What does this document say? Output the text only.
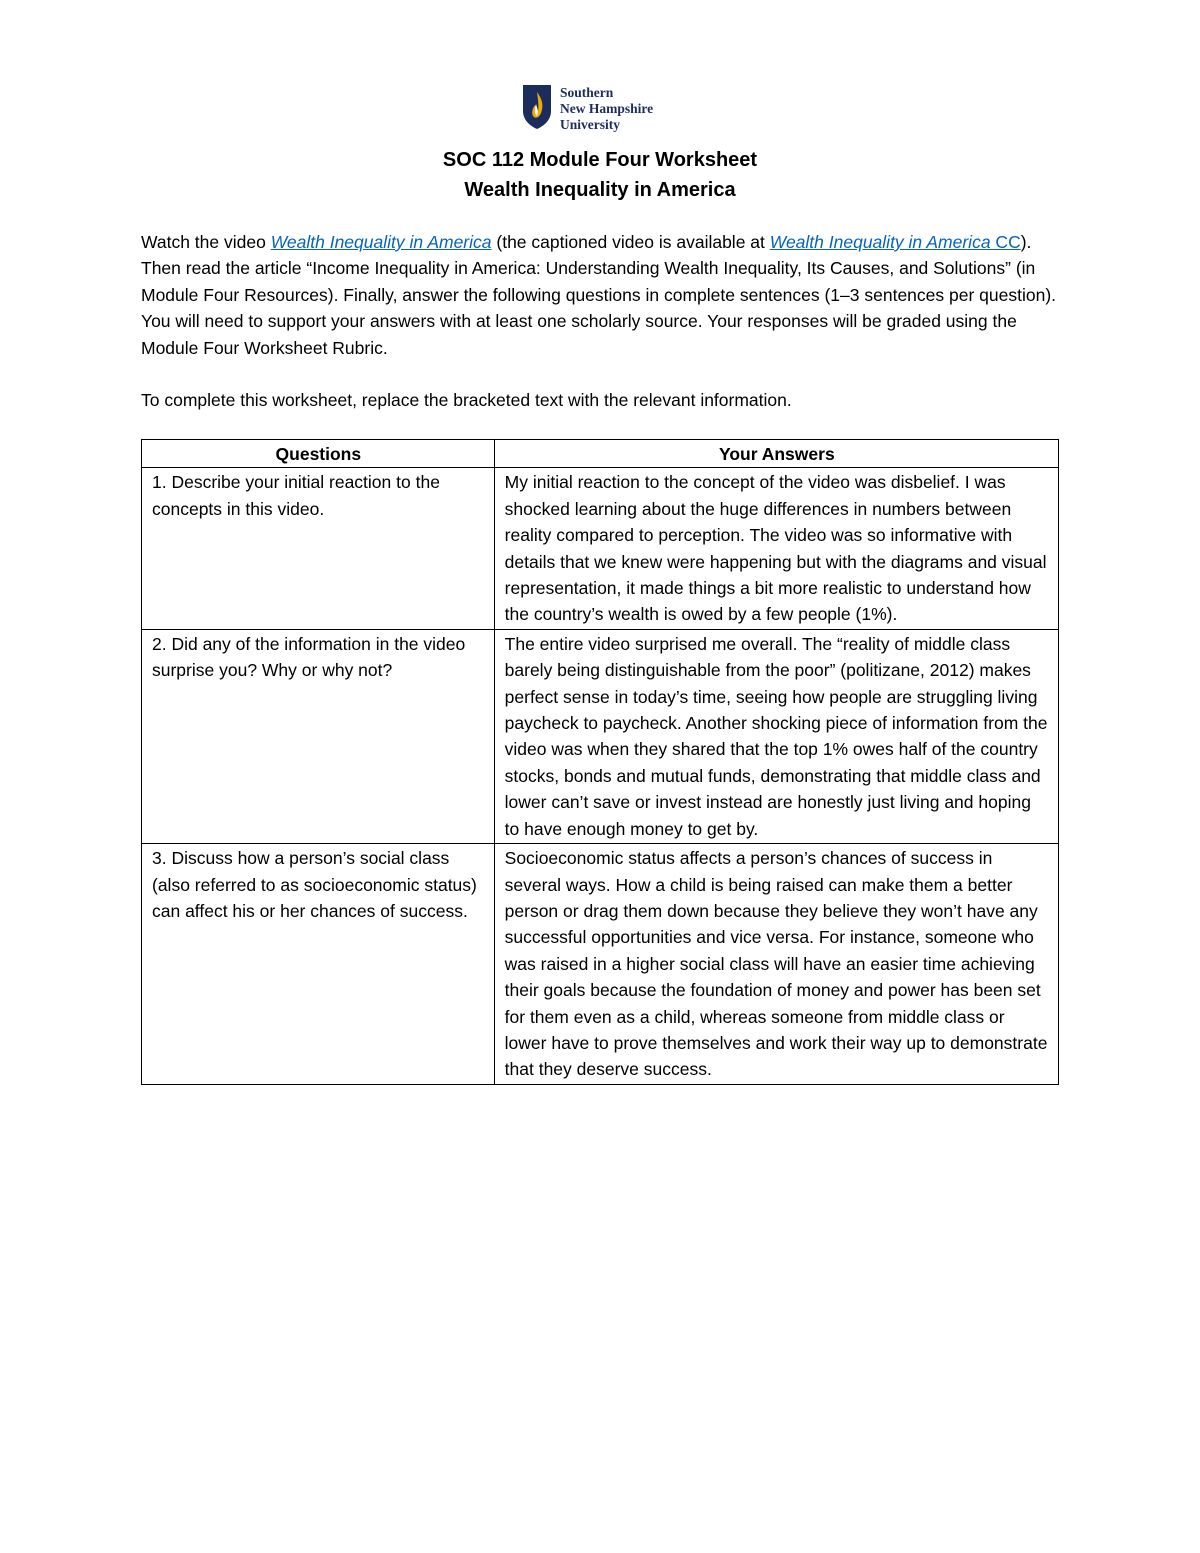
Southern
New Hampshire
University
SOC 112 Module Four Worksheet
Wealth Inequality in America

Watch the video Wealth Inequality in America (the captioned video is available at Wealth Inequality in America CC). Then read the article “Income Inequality in America: Understanding Wealth Inequality, Its Causes, and Solutions” (in Module Four Resources). Finally, answer the following questions in complete sentences (1–3 sentences per question). You will need to support your answers with at least one scholarly source. Your responses will be graded using the Module Four Worksheet Rubric.

To complete this worksheet, replace the bracketed text with the relevant information.
Questions	Your Answers
1. Describe your initial reaction to the concepts in this video.	My initial reaction to the concept of the video was disbelief. I was shocked learning about the huge differences in numbers between reality compared to perception. The video was so informative with details that we knew were happening but with the diagrams and visual representation, it made things a bit more realistic to understand how the country’s wealth is owed by a few people (1%).
2. Did any of the information in the video surprise you? Why or why not?	The entire video surprised me overall. The “reality of middle class barely being distinguishable from the poor” (politizane, 2012) makes perfect sense in today’s time, seeing how people are struggling living paycheck to paycheck. Another shocking piece of information from the video was when they shared that the top 1% owes half of the country stocks, bonds and mutual funds, demonstrating that middle class and lower can’t save or invest instead are honestly just living and hoping to have enough money to get by.
3. Discuss how a person’s social class (also referred to as socioeconomic status) can affect his or her chances of success.	Socioeconomic status affects a person’s chances of success in several ways. How a child is being raised can make them a better person or drag them down because they believe they won’t have any successful opportunities and vice versa. For instance, someone who was raised in a higher social class will have an easier time achieving their goals because the foundation of money and power has been set for them even as a child, whereas someone from middle class or lower have to prove themselves and work their way up to demonstrate that they deserve success.
